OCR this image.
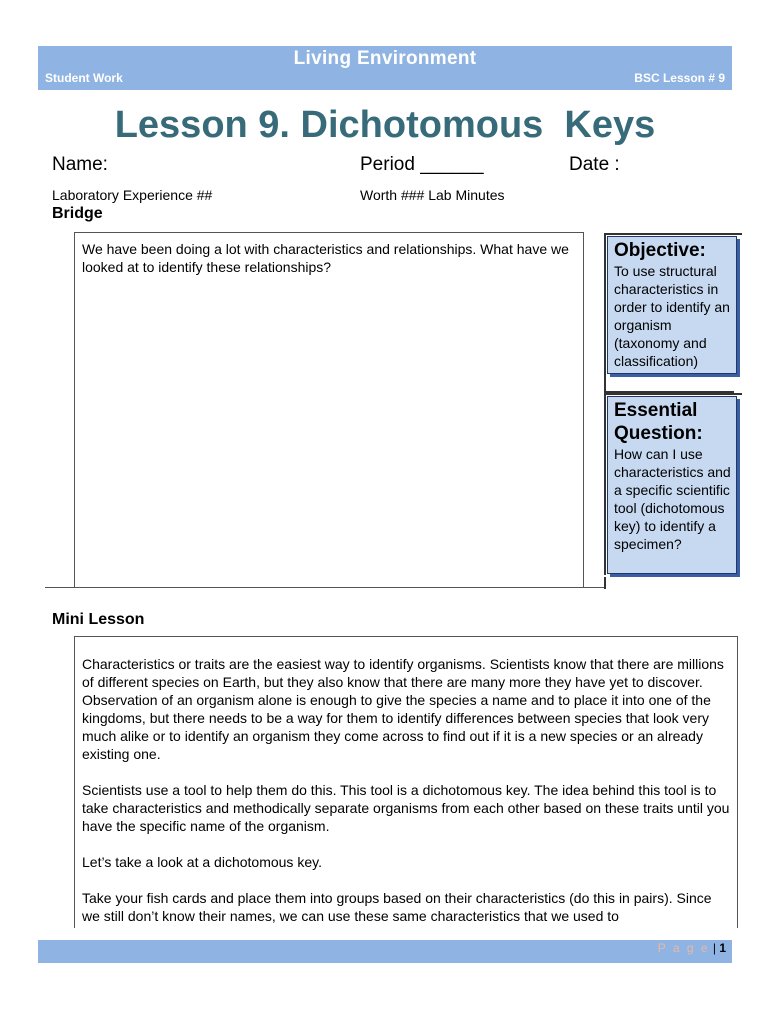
Living Environment
Student Work	BSC Lesson # 9
Lesson 9. Dichotomous  Keys
Name:	Period ______	Date :
Laboratory Experience ##	Worth ### Lab Minutes
Bridge
We have been doing a lot with characteristics and relationships. What have we looked at to identify these relationships?
Objective:
To use structural characteristics in order to identify an organism (taxonomy and classification)
Essential Question:
How can I use characteristics and a specific scientific tool (dichotomous key) to identify a specimen?
Mini Lesson

Characteristics or traits are the easiest way to identify organisms. Scientists know that there are millions of different species on Earth, but they also know that there are many more they have yet to discover. Observation of an organism alone is enough to give the species a name and to place it into one of the kingdoms, but there needs to be a way for them to identify differences between species that look very much alike or to identify an organism they come across to find out if it is a new species or an already existing one.

Scientists use a tool to help them do this. This tool is a dichotomous key. The idea behind this tool is to take characteristics and methodically separate organisms from each other based on these traits until you have the specific name of the organism.

Let’s take a look at a dichotomous key.

Take your fish cards and place them into groups based on their characteristics (do this in pairs). Since we still don’t know their names, we can use these same characteristics that we used to

P a g e | 1
